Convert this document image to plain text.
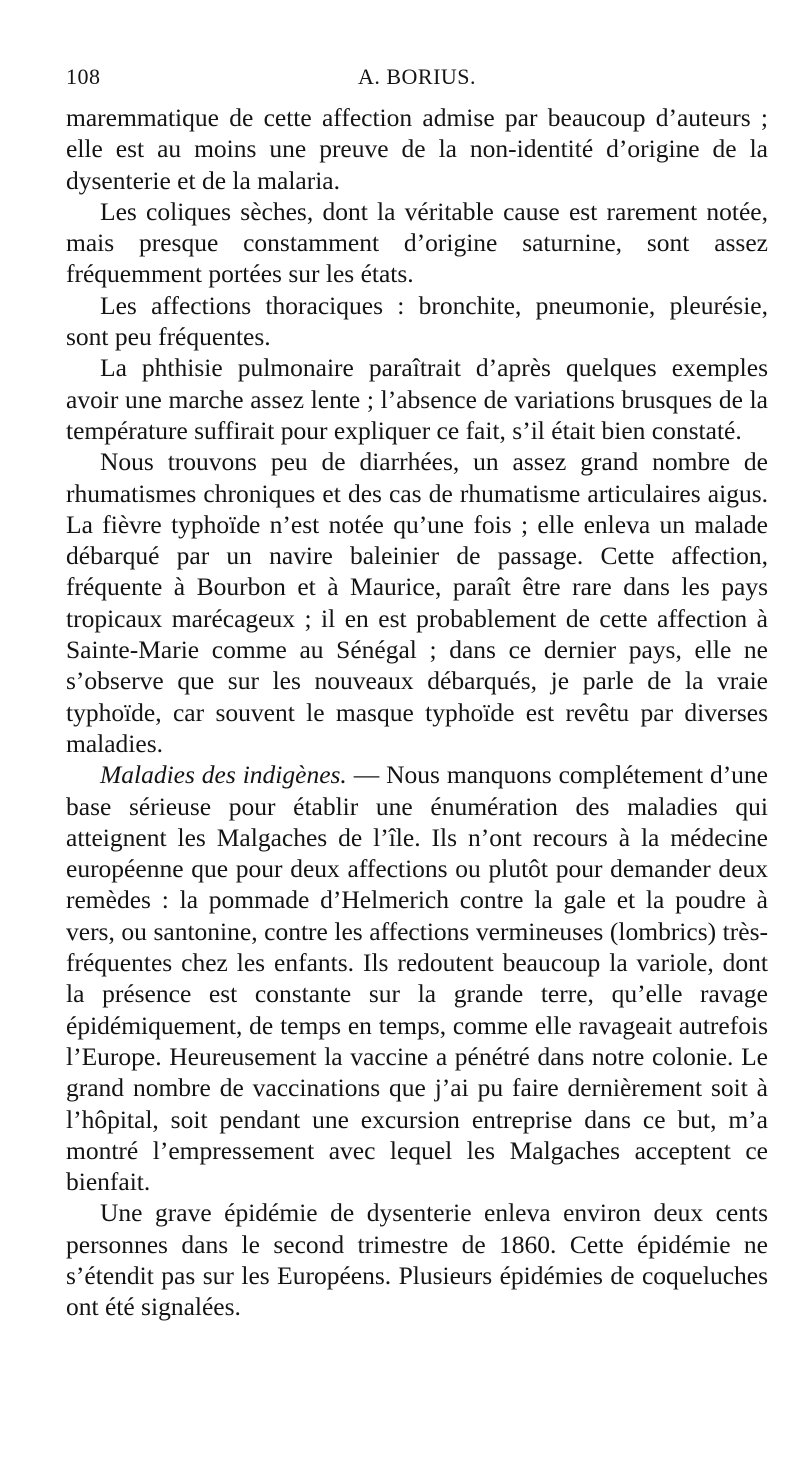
108	A. BORIUS.

maremmatique de cette affection admise par beaucoup d’auteurs ; elle est au moins une preuve de la non-identité d’origine de la dysenterie et de la malaria.

Les coliques sèches, dont la véritable cause est rarement notée, mais presque constamment d’origine saturnine, sont assez fréquemment portées sur les états.

Les affections thoraciques : bronchite, pneumonie, pleurésie, sont peu fréquentes.

La phthisie pulmonaire paraîtrait d’après quelques exemples avoir une marche assez lente ; l’absence de variations brusques de la température suffirait pour expliquer ce fait, s’il était bien constaté.

Nous trouvons peu de diarrhées, un assez grand nombre de rhumatismes chroniques et des cas de rhumatisme articulaires aigus. La fièvre typhoïde n’est notée qu’une fois ; elle enleva un malade débarqué par un navire baleinier de passage. Cette affection, fréquente à Bourbon et à Maurice, paraît être rare dans les pays tropicaux marécageux ; il en est probablement de cette affection à Sainte-Marie comme au Sénégal ; dans ce dernier pays, elle ne s’observe que sur les nouveaux débarqués, je parle de la vraie typhoïde, car souvent le masque typhoïde est revêtu par diverses maladies.

Maladies des indigènes. — Nous manquons complétement d’une base sérieuse pour établir une énumération des maladies qui atteignent les Malgaches de l’île. Ils n’ont recours à la médecine européenne que pour deux affections ou plutôt pour demander deux remèdes : la pommade d’Helmerich contre la gale et la poudre à vers, ou santonine, contre les affections vermineuses (lombrics) très-fréquentes chez les enfants. Ils redoutent beaucoup la variole, dont la présence est constante sur la grande terre, qu’elle ravage épidémiquement, de temps en temps, comme elle ravageait autrefois l’Europe. Heureusement la vaccine a pénétré dans notre colonie. Le grand nombre de vaccinations que j’ai pu faire dernièrement soit à l’hôpital, soit pendant une excursion entreprise dans ce but, m’a montré l’empressement avec lequel les Malgaches acceptent ce bienfait.

Une grave épidémie de dysenterie enleva environ deux cents personnes dans le second trimestre de 1860. Cette épidémie ne s’étendit pas sur les Européens. Plusieurs épidémies de coqueluches ont été signalées.
